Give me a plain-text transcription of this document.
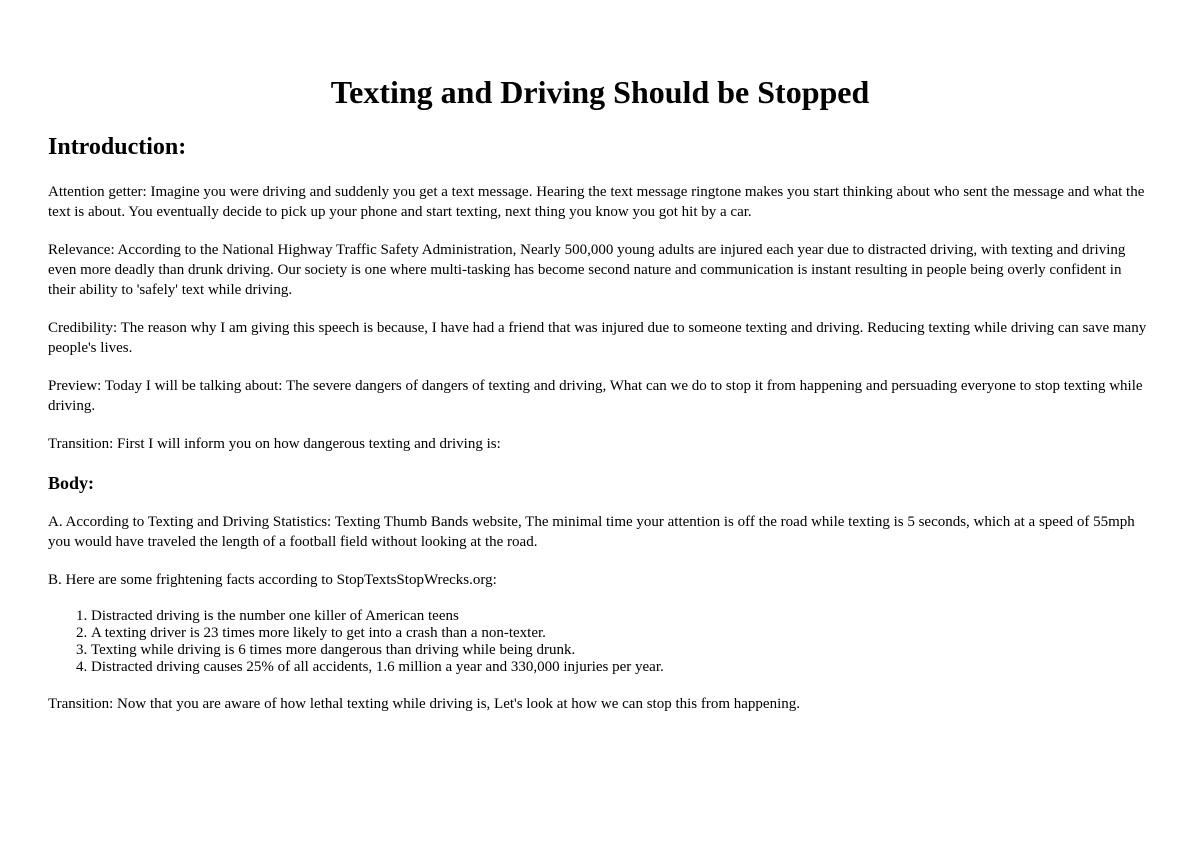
Texting and Driving Should be Stopped
Introduction:

Attention getter: Imagine you were driving and suddenly you get a text message. Hearing the text message ringtone makes you start thinking about who sent the message and what the text is about. You eventually decide to pick up your phone and start texting, next thing you know you got hit by a car.

Relevance: According to the National Highway Traffic Safety Administration, Nearly 500,000 young adults are injured each year due to distracted driving, with texting and driving even more deadly than drunk driving. Our society is one where multi-tasking has become second nature and communication is instant resulting in people being overly confident in their ability to 'safely' text while driving.

Credibility: The reason why I am giving this speech is because, I have had a friend that was injured due to someone texting and driving. Reducing texting while driving can save many people's lives.

Preview: Today I will be talking about: The severe dangers of dangers of texting and driving, What can we do to stop it from happening and persuading everyone to stop texting while driving.

Transition: First I will inform you on how dangerous texting and driving is:

Body:

A. According to Texting and Driving Statistics: Texting Thumb Bands website, The minimal time your attention is off the road while texting is 5 seconds, which at a speed of 55mph you would have traveled the length of a football field without looking at the road.

B. Here are some frightening facts according to StopTextsStopWrecks.org:

1. Distracted driving is the number one killer of American teens
2. A texting driver is 23 times more likely to get into a crash than a non-texter.
3. Texting while driving is 6 times more dangerous than driving while being drunk.
4. Distracted driving causes 25% of all accidents, 1.6 million a year and 330,000 injuries per year.

Transition: Now that you are aware of how lethal texting while driving is, Let's look at how we can stop this from happening.
